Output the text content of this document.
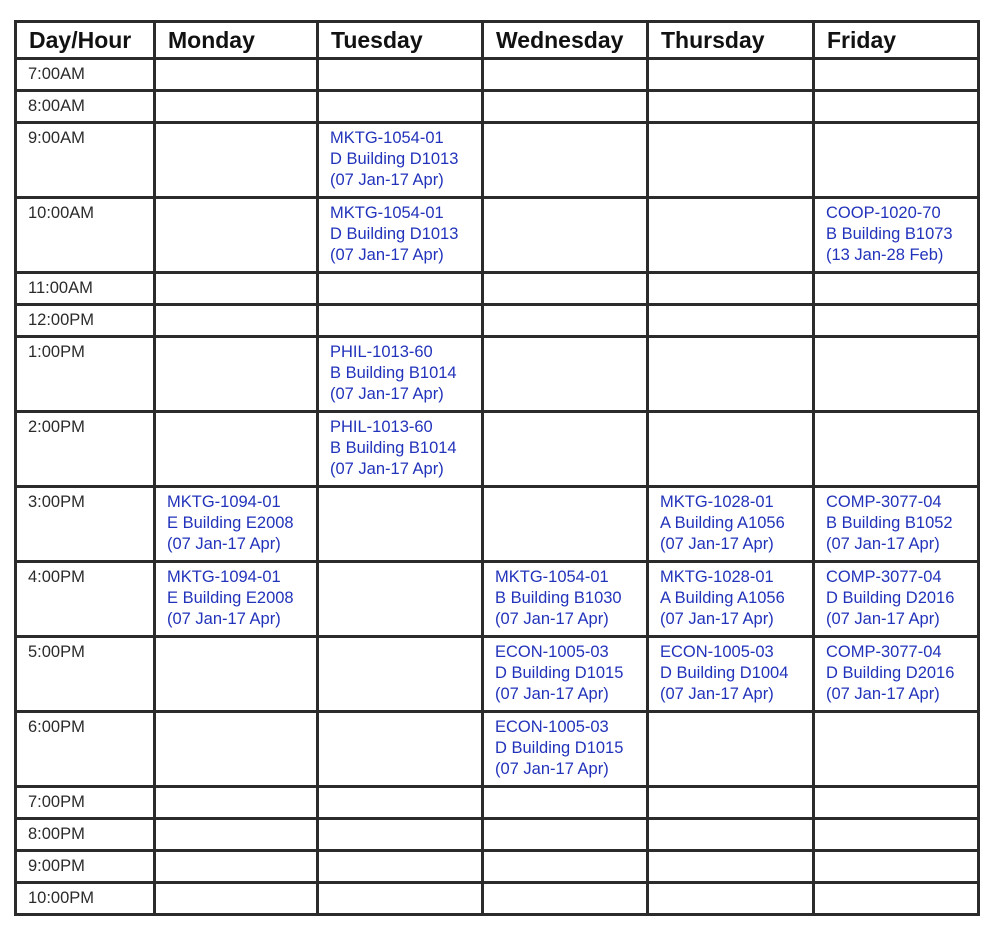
Day/Hour	Monday	Tuesday	Wednesday	Thursday	Friday
7:00AM					
8:00AM					
9:00AM		MKTG-1054-01
D Building D1013
(07 Jan-17 Apr)			

10:00AM		MKTG-1054-01
D Building D1013
(07 Jan-17 Apr)			COOP-1020-70
B Building B1073
(13 Jan-28 Feb)

11:00AM					
12:00PM					
1:00PM		PHIL-1013-60
B Building B1014
(07 Jan-17 Apr)			

2:00PM		PHIL-1013-60
B Building B1014
(07 Jan-17 Apr)			

3:00PM	MKTG-1094-01
E Building E2008
(07 Jan-17 Apr)			MKTG-1028-01
A Building A1056
(07 Jan-17 Apr)	COMP-3077-04
B Building B1052
(07 Jan-17 Apr)

4:00PM	MKTG-1094-01
E Building E2008
(07 Jan-17 Apr)		MKTG-1054-01
B Building B1030
(07 Jan-17 Apr)	MKTG-1028-01
A Building A1056
(07 Jan-17 Apr)	COMP-3077-04
D Building D2016
(07 Jan-17 Apr)

5:00PM			ECON-1005-03
D Building D1015
(07 Jan-17 Apr)	ECON-1005-03
D Building D1004
(07 Jan-17 Apr)	COMP-3077-04
D Building D2016
(07 Jan-17 Apr)

6:00PM			ECON-1005-03
D Building D1015
(07 Jan-17 Apr)		

7:00PM					
8:00PM					
9:00PM					
10:00PM					
